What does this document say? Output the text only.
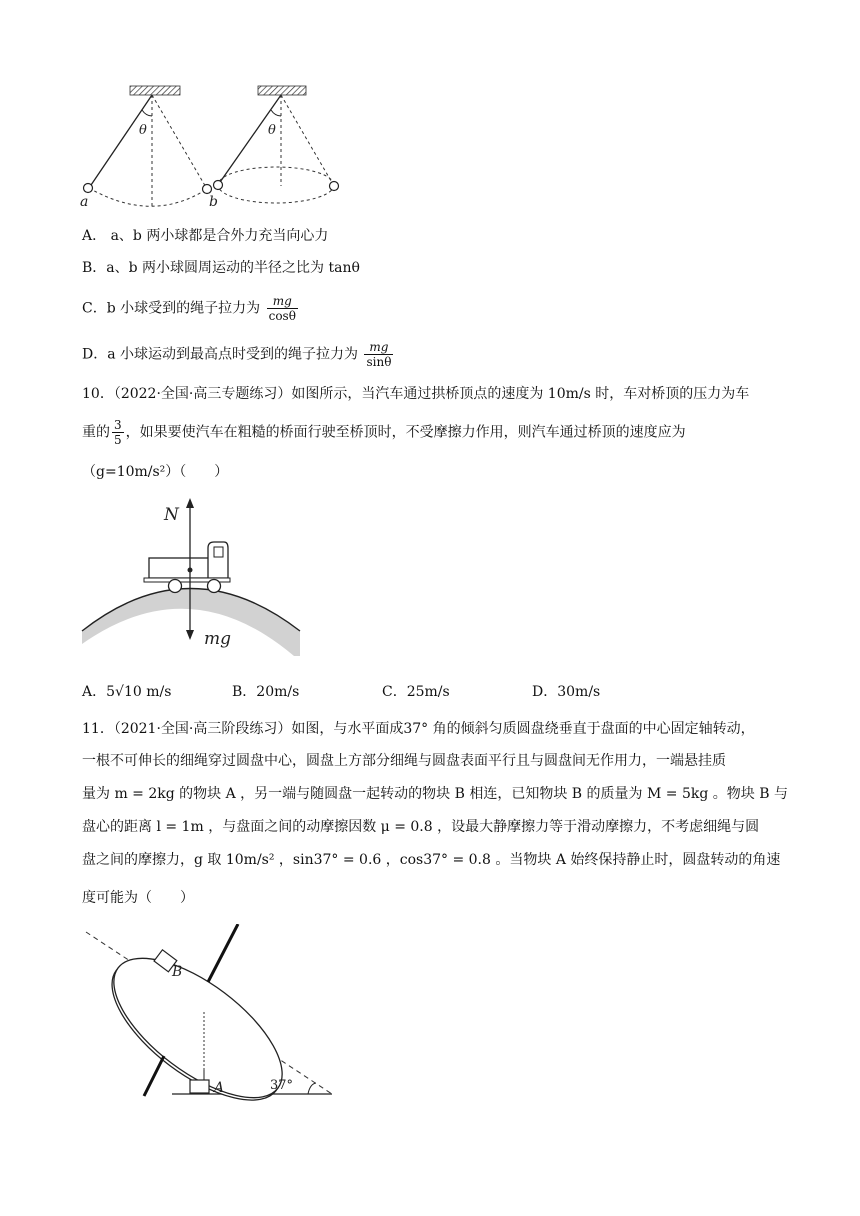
θ
a
θ
b
A． a、b 两小球都是合外力充当向心力
B．a、b 两小球圆周运动的半径之比为 tanθ
C．b 小球受到的绳子拉力为 $\frac{mg}{\cos\theta}$
D．a 小球运动到最高点时受到的绳子拉力为 $\frac{mg}{\sin\theta}$
10．（2022·全国·高三专题练习）如图所示，当汽车通过拱桥顶点的速度为 10m/s 时，车对桥顶的压力为车
重的 $\frac{3}{5}$ ，如果要使汽车在粗糙的桥面行驶至桥顶时，不受摩擦力作用，则汽车通过桥顶的速度应为
（g=10m/s²）（　　）
N
mg
A．5√10 m/s	B．20m/s	C．25m/s	D．30m/s
11．（2021·全国·高三阶段练习）如图，与水平面成37° 角的倾斜匀质圆盘绕垂直于盘面的中心固定轴转动，
一根不可伸长的细绳穿过圆盘中心，圆盘上方部分细绳与圆盘表面平行且与圆盘间无作用力，一端悬挂质
量为 m = 2kg 的物块 A ，另一端与随圆盘一起转动的物块 B 相连，已知物块 B 的质量为 M = 5kg 。物块 B 与
盘心的距离 l = 1m ，与盘面之间的动摩擦因数 μ = 0.8 ，设最大静摩擦力等于滑动摩擦力，不考虑细绳与圆
盘之间的摩擦力，g 取 10m/s² ，sin37° = 0.6 ，cos37° = 0.8 。当物块 A 始终保持静止时，圆盘转动的角速
度可能为（　　）
B
A	37°
